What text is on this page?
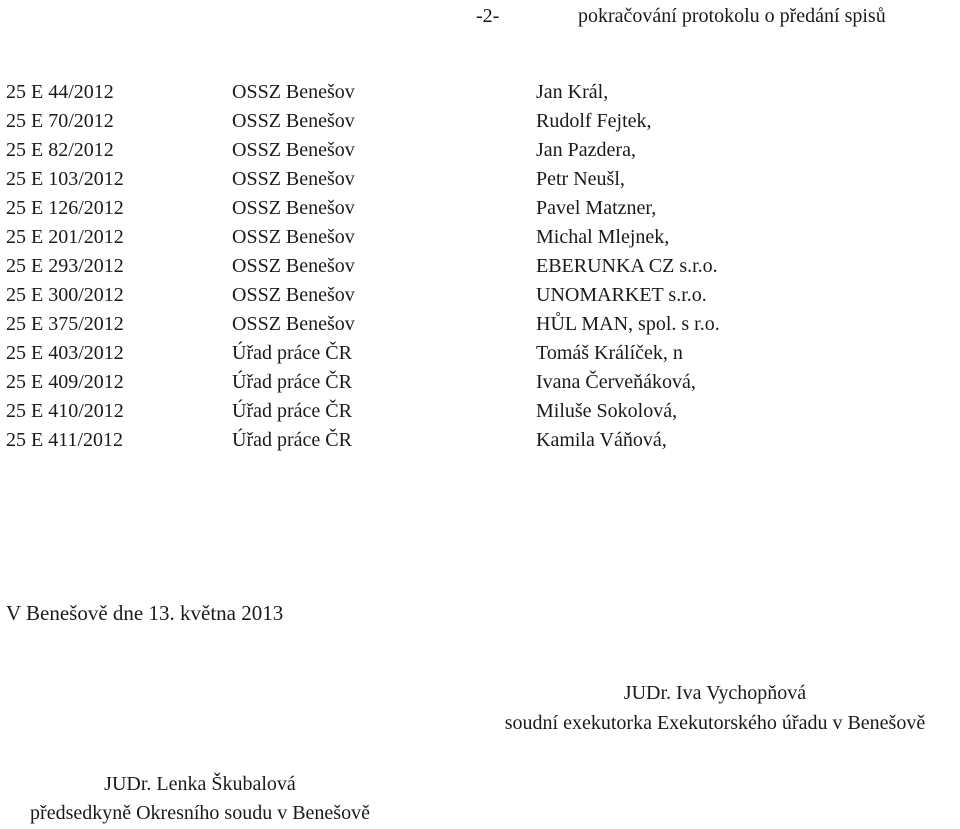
-2-	pokračování protokolu o předání spisů
25 E 44/2012
25 E 70/2012
25 E 82/2012
25 E 103/2012
25 E 126/2012
25 E 201/2012
25 E 293/2012
25 E 300/2012
25 E 375/2012
25 E 403/2012
25 E 409/2012
25 E 410/2012
25 E 411/2012
OSSZ Benešov
OSSZ Benešov
OSSZ Benešov
OSSZ Benešov
OSSZ Benešov
OSSZ Benešov
OSSZ Benešov
OSSZ Benešov
OSSZ Benešov
Úřad práce ČR
Úřad práce ČR
Úřad práce ČR
Úřad práce ČR
Jan Král,
Rudolf Fejtek,
Jan Pazdera,
Petr Neušl,
Pavel Matzner,
Michal Mlejnek,
EBERUNKA CZ s.r.o.
UNOMARKET s.r.o.
HŮL MAN, spol. s r.o.
Tomáš Králíček, n
Ivana Červeňáková,
Miluše Sokolová,
Kamila Váňová,
V Benešově dne 13. května 2013
JUDr. Iva Vychopňová
soudní exekutorka Exekutorského úřadu v Benešově
JUDr. Lenka Škubalová
předsedkyně Okresního soudu v Benešově
